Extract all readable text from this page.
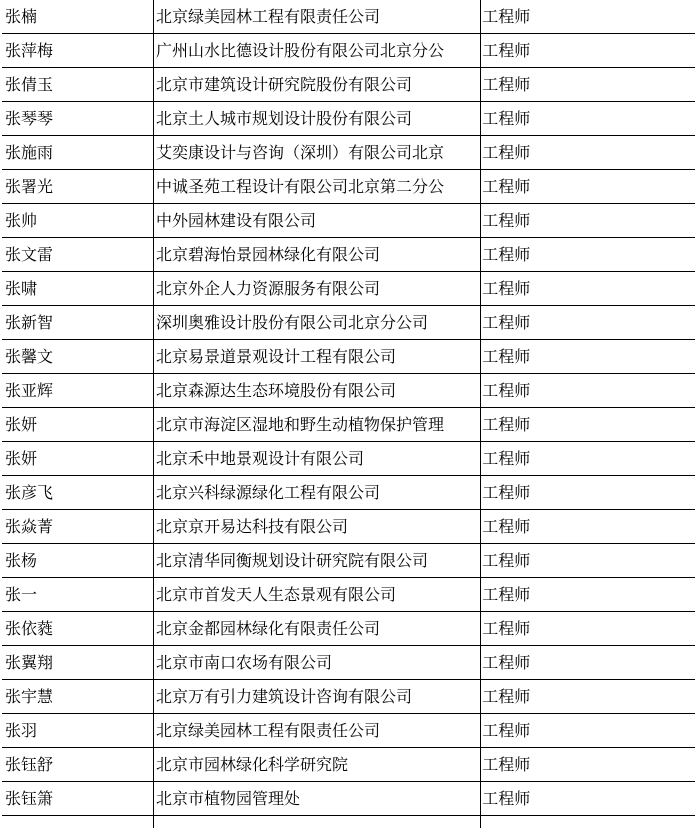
张楠	北京绿美园林工程有限责任公司	工程师
张萍梅	广州山水比德设计股份有限公司北京分公	工程师
张倩玉	北京市建筑设计研究院股份有限公司	工程师
张琴琴	北京土人城市规划设计股份有限公司	工程师
张施雨	艾奕康设计与咨询（深圳）有限公司北京	工程师
张署光	中诚圣苑工程设计有限公司北京第二分公	工程师
张帅	中外园林建设有限公司	工程师
张文雷	北京碧海怡景园林绿化有限公司	工程师
张啸	北京外企人力资源服务有限公司	工程师
张新智	深圳奥雅设计股份有限公司北京分公司	工程师
张馨文	北京易景道景观设计工程有限公司	工程师
张亚辉	北京森源达生态环境股份有限公司	工程师
张妍	北京市海淀区湿地和野生动植物保护管理	工程师
张妍	北京禾中地景观设计有限公司	工程师
张彦飞	北京兴科绿源绿化工程有限公司	工程师
张焱菁	北京京开易达科技有限公司	工程师
张杨	北京清华同衡规划设计研究院有限公司	工程师
张一	北京市首发天人生态景观有限公司	工程师
张依蕤	北京金都园林绿化有限责任公司	工程师
张翼翔	北京市南口农场有限公司	工程师
张宇慧	北京万有引力建筑设计咨询有限公司	工程师
张羽	北京绿美园林工程有限责任公司	工程师
张钰舒	北京市园林绿化科学研究院	工程师
张钰箫	北京市植物园管理处	工程师
